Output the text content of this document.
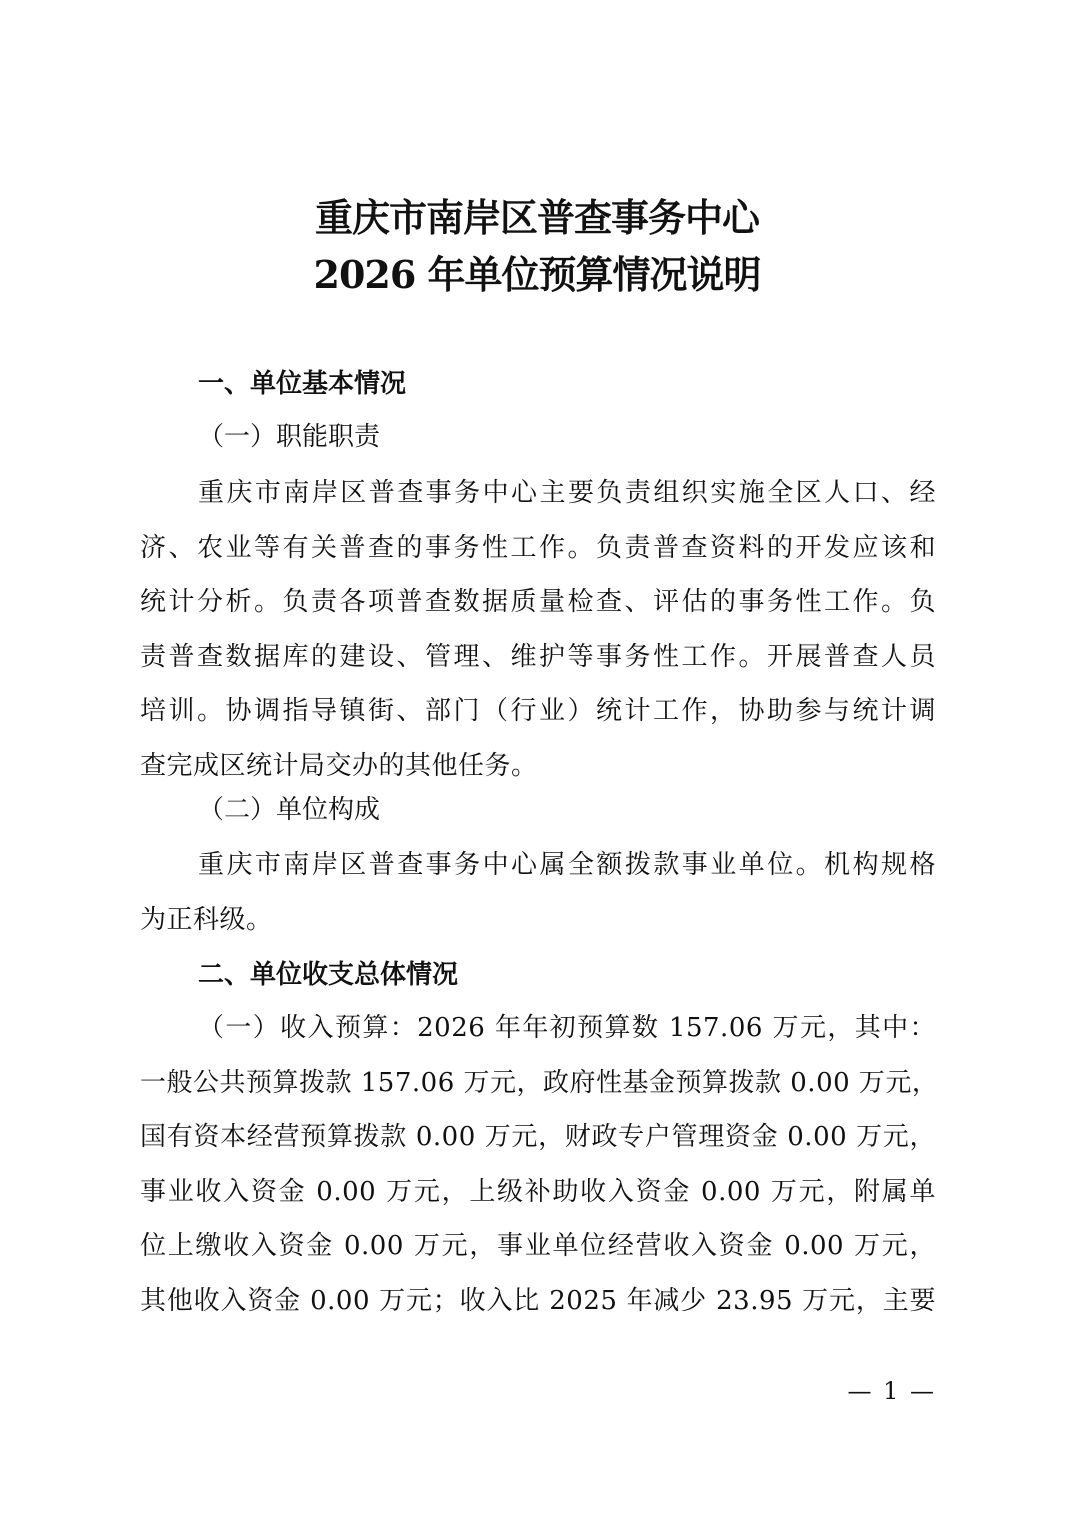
重庆市南岸区普查事务中心
2026 年单位预算情况说明
一、单位基本情况
（一）职能职责
重庆市南岸区普查事务中心主要负责组织实施全区人口、经
济、农业等有关普查的事务性工作。负责普查资料的开发应该和
统计分析。负责各项普查数据质量检查、评估的事务性工作。负
责普查数据库的建设、管理、维护等事务性工作。开展普查人员
培训。协调指导镇街、部门（行业）统计工作，协助参与统计调
查完成区统计局交办的其他任务。
（二）单位构成
重庆市南岸区普查事务中心属全额拨款事业单位。机构规格
为正科级。
二、单位收支总体情况
（一）收入预算：2026 年年初预算数 157.06 万元，其中：
一般公共预算拨款 157.06 万元，政府性基金预算拨款 0.00 万元，
国有资本经营预算拨款 0.00 万元，财政专户管理资金 0.00 万元，
事业收入资金 0.00 万元，上级补助收入资金 0.00 万元，附属单
位上缴收入资金 0.00 万元，事业单位经营收入资金 0.00 万元，
其他收入资金 0.00 万元；收入比 2025 年减少 23.95 万元，主要
— 1 —
